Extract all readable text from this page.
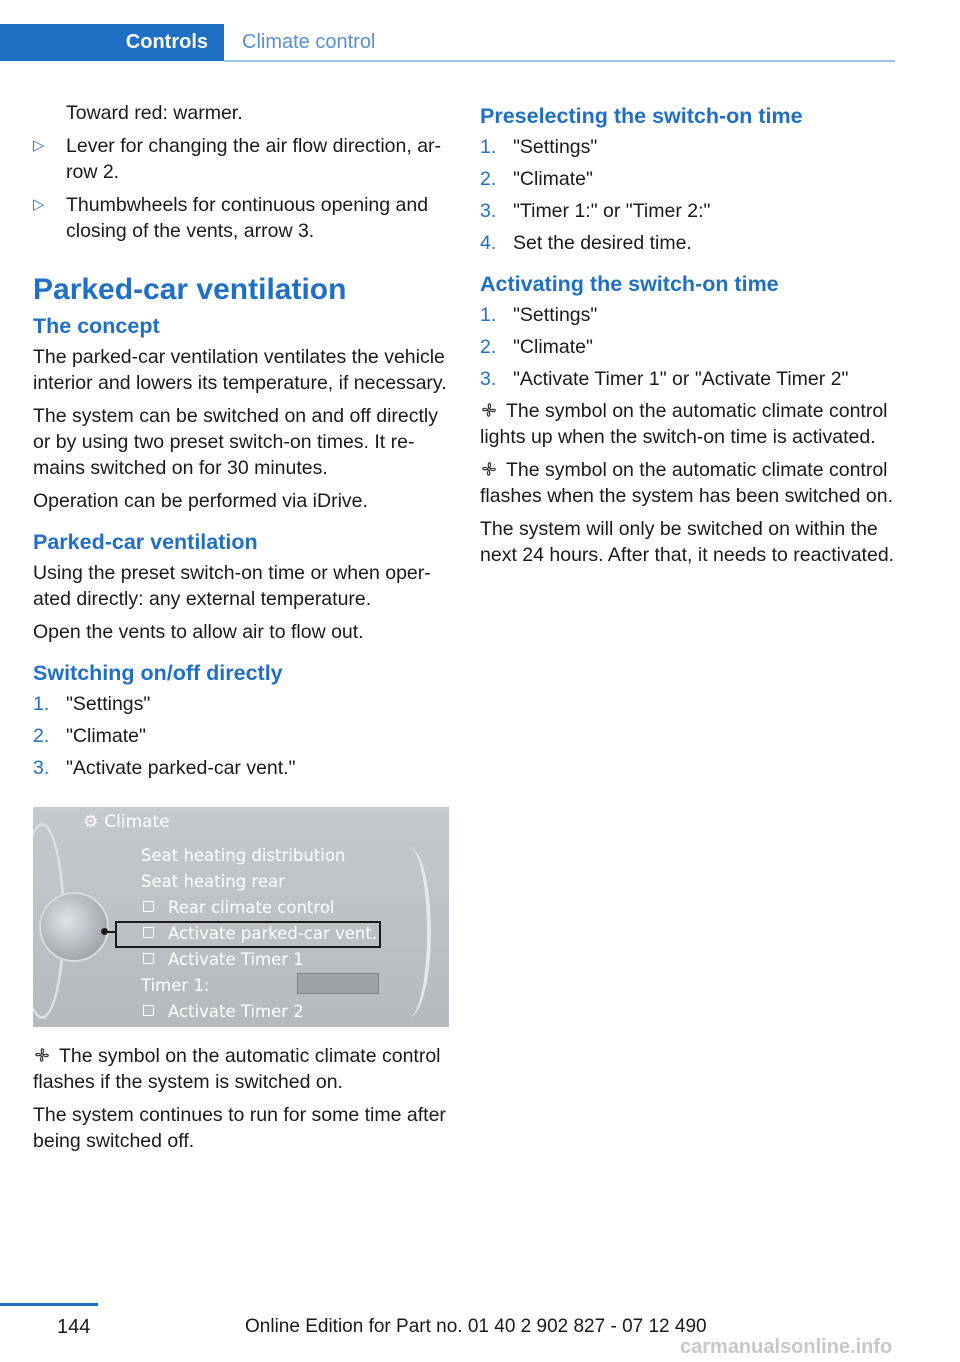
Controls	Climate control

Toward red: warmer.

▷	Lever for changing the air flow direction, arrow 2.
▷	Thumbwheels for continuous opening and closing of the vents, arrow 3.
Parked-car ventilation
The concept

The parked-car ventilation ventilates the vehicle interior and lowers its temperature, if necessary.

The system can be switched on and off directly or by using two preset switch-on times. It remains switched on for 30 minutes.

Operation can be performed via iDrive.

Parked-car ventilation

Using the preset switch-on time or when operated directly: any external temperature.

Open the vents to allow air to flow out.

Switching on/off directly
1. "Settings"
2. "Climate"
3. "Activate parked-car vent."
⚙ Climate
Seat heating distribution
Seat heating rear
Rear climate control
Activate parked-car vent.
Activate Timer 1
Timer 1:
Activate Timer 2

The symbol on the automatic climate control flashes if the system is switched on.

The system continues to run for some time after being switched off.

Preselecting the switch-on time
1. "Settings"
2. "Climate"
3. "Timer 1:" or "Timer 2:"
4. Set the desired time.
Activating the switch-on time
1. "Settings"
2. "Climate"
3. "Activate Timer 1" or "Activate Timer 2"

The symbol on the automatic climate control lights up when the switch-on time is activated.

The symbol on the automatic climate control flashes when the system has been switched on.

The system will only be switched on within the next 24 hours. After that, it needs to reactivated.

144	Online Edition for Part no. 01 40 2 902 827 - 07 12 490
carmanualsonline.info
